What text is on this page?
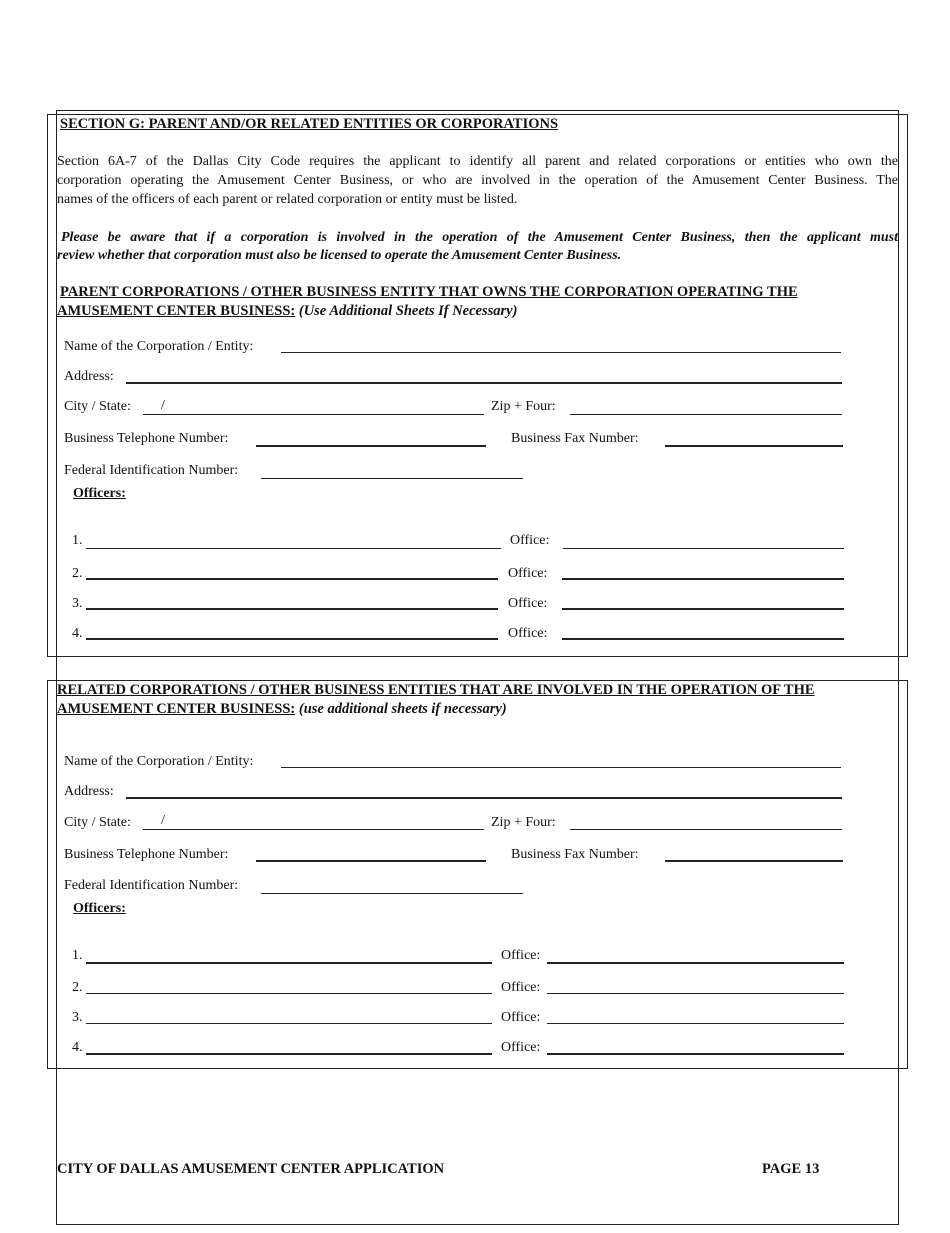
SECTION G: PARENT AND/OR RELATED ENTITIES OR CORPORATIONS
Section 6A-7 of the Dallas City Code requires the applicant to identify all parent and related corporations or entities who own the
corporation operating the Amusement Center Business, or who are involved in the operation of the Amusement Center Business. The
names of the officers of each parent or related corporation or entity must be listed.
Please be aware that if a corporation is involved in the operation of the Amusement Center Business, then the applicant must
review whether that corporation must also be licensed to operate the Amusement Center Business.
PARENT CORPORATIONS / OTHER BUSINESS ENTITY THAT OWNS THE CORPORATION OPERATING THE
AMUSEMENT CENTER BUSINESS: (Use Additional Sheets If Necessary)
Name of the Corporation / Entity:
Address:
City / State: /	Zip + Four:
Business Telephone Number:	Business Fax Number:
Federal Identification Number:
Officers:
1.	Office:
2.	Office:
3.	Office:
4.	Office:
RELATED CORPORATIONS / OTHER BUSINESS ENTITIES THAT ARE INVOLVED IN THE OPERATION OF THE
AMUSEMENT CENTER BUSINESS: (use additional sheets if necessary)
Name of the Corporation / Entity:
Address:
City / State: /	Zip + Four:
Business Telephone Number:	Business Fax Number:
Federal Identification Number:
Officers:
1.	Office:
2.	Office:
3.	Office:
4.	Office:
CITY OF DALLAS AMUSEMENT CENTER APPLICATION	PAGE 13
